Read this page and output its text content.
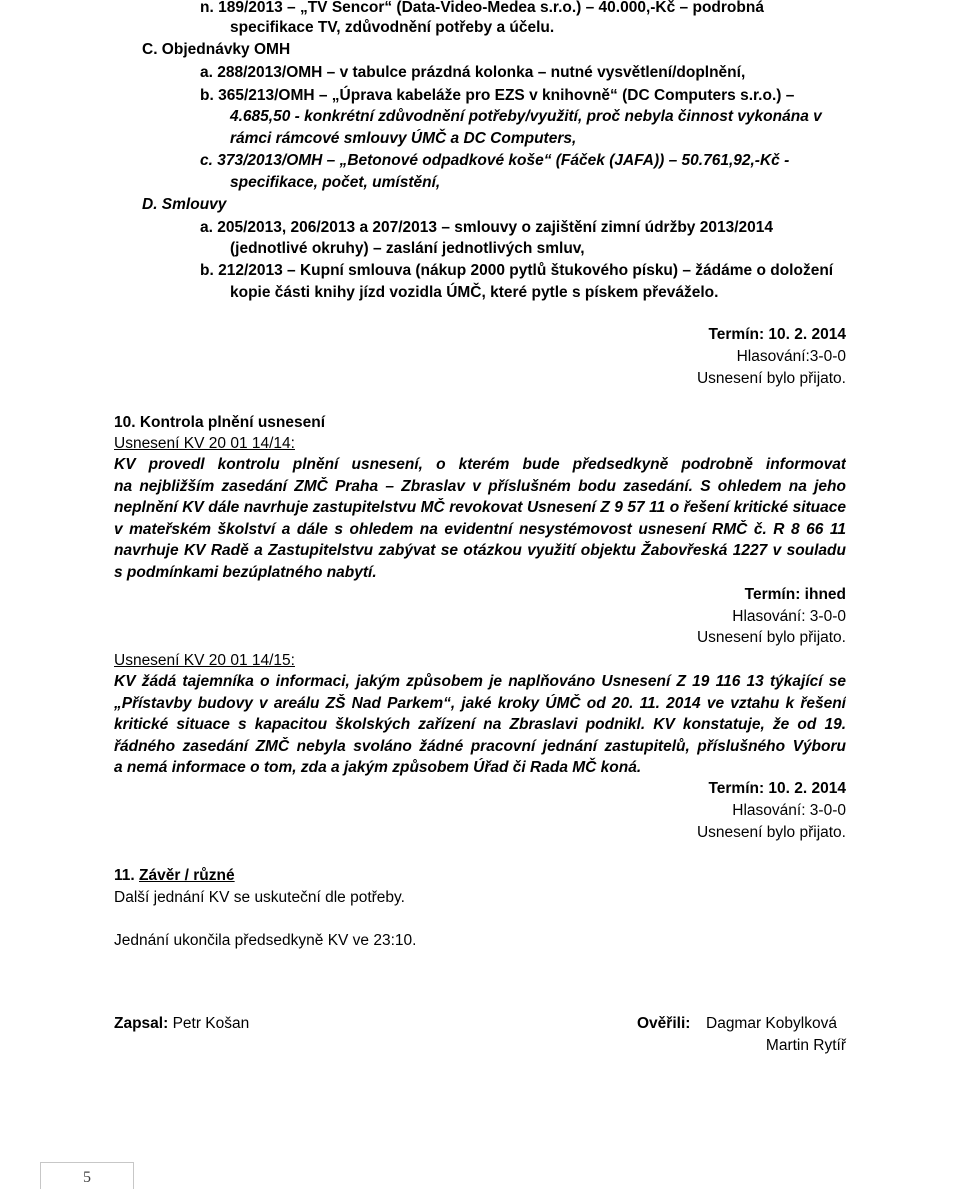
n. 189/2013 – „TV Sencor“ (Data-Video-Medea s.r.o.) – 40.000,-Kč – podrobná
specifikace TV, zdůvodnění potřeby a účelu.
C. Objednávky OMH
a. 288/2013/OMH – v tabulce prázdná kolonka – nutné vysvětlení/doplnění,
b. 365/213/OMH – „Úprava kabeláže pro EZS v knihovně“ (DC Computers s.r.o.) –
4.685,50 - konkrétní zdůvodnění potřeby/využití, proč nebyla činnost vykonána v
rámci rámcové smlouvy ÚMČ a DC Computers,
c. 373/2013/OMH – „Betonové odpadkové koše“ (Fáček (JAFA)) – 50.761,92,-Kč -
specifikace, počet, umístění,
D. Smlouvy
a. 205/2013, 206/2013 a 207/2013 – smlouvy o zajištění zimní údržby 2013/2014
(jednotlivé okruhy) – zaslání jednotlivých smluv,
b. 212/2013 – Kupní smlouva (nákup 2000 pytlů štukového písku) – žádáme o doložení
kopie části knihy jízd vozidla ÚMČ, které pytle s pískem převáželo.
Termín: 10. 2. 2014
Hlasování:3-0-0
Usnesení bylo přijato.
10. Kontrola plnění usnesení
Usnesení KV 20 01 14/14:
KV provedl kontrolu plnění usnesení, o kterém bude předsedkyně podrobně informovat
na nejbližším zasedání ZMČ Praha – Zbraslav v příslušném bodu zasedání. S ohledem na jeho
neplnění KV dále navrhuje zastupitelstvu MČ revokovat Usnesení Z 9 57 11 o řešení kritické situace
v mateřském školství a dále s ohledem na evidentní nesystémovost usnesení RMČ č. R 8 66 11
navrhuje KV Radě a Zastupitelstvu zabývat se otázkou využití objektu Žabovřeská 1227 v souladu
s podmínkami bezúplatného nabytí.
Termín: ihned
Hlasování: 3-0-0
Usnesení bylo přijato.
Usnesení KV 20 01 14/15:
KV žádá tajemníka o informaci, jakým způsobem je naplňováno Usnesení Z 19 116 13 týkající se
„Přístavby budovy v areálu ZŠ Nad Parkem“, jaké kroky ÚMČ od 20. 11. 2014 ve vztahu k řešení
kritické situace s kapacitou školských zařízení na Zbraslavi podnikl. KV konstatuje, že od 19.
řádného zasedání ZMČ nebyla svoláno žádné pracovní jednání zastupitelů, příslušného Výboru
a nemá informace o tom, zda a jakým způsobem Úřad či Rada MČ koná.
Termín: 10. 2. 2014
Hlasování: 3-0-0
Usnesení bylo přijato.
11. Závěr / různé
Další jednání KV se uskuteční dle potřeby.
Jednání ukončila předsedkyně KV ve 23:10.
Zapsal: Petr Košan	Ověřili: Dagmar Kobylková
Martin Rytíř
5
